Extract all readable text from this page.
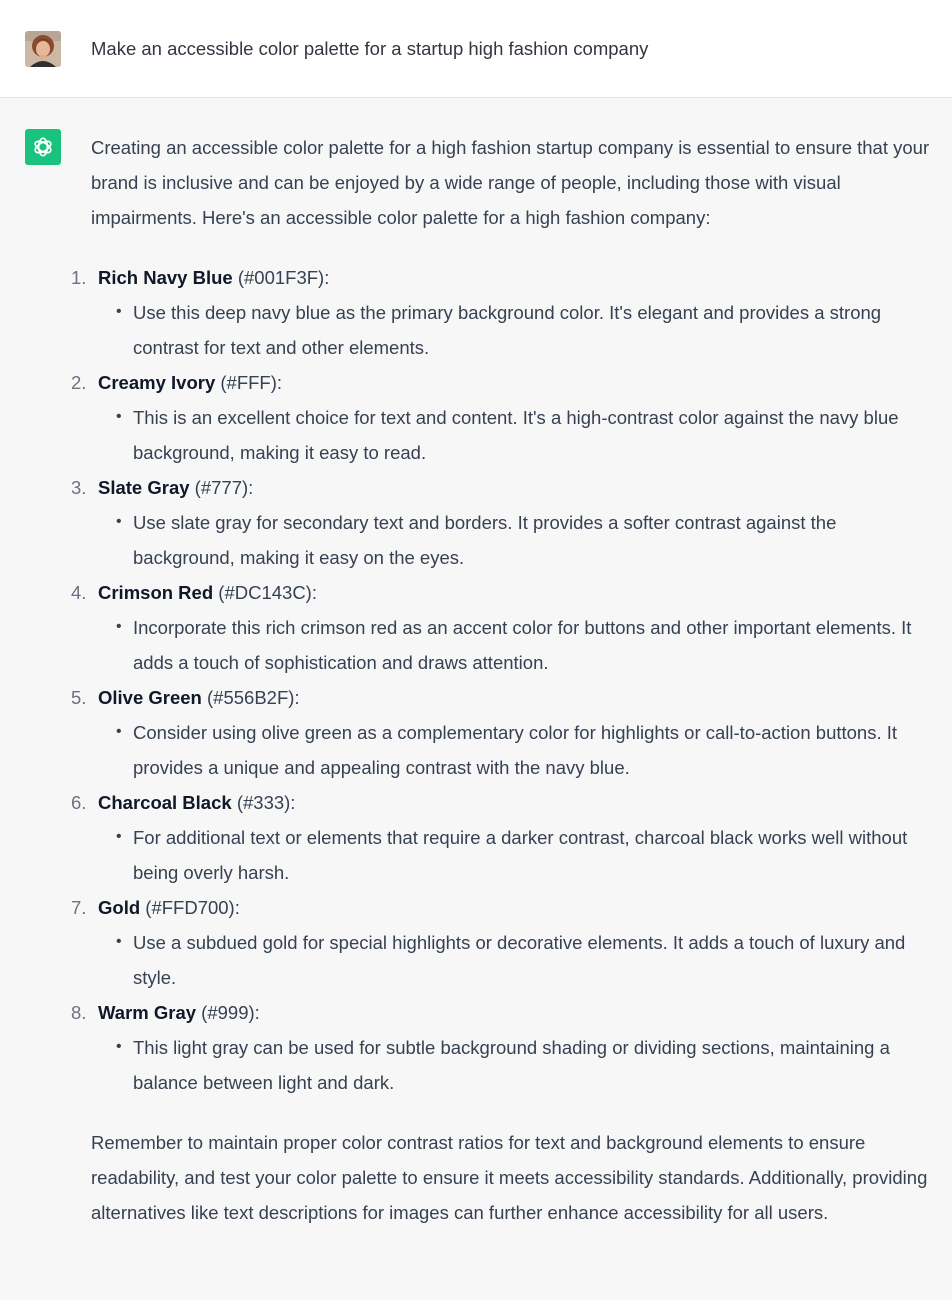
Make an accessible color palette for a startup high fashion company

Creating an accessible color palette for a high fashion startup company is essential to ensure that your brand is inclusive and can be enjoyed by a wide range of people, including those with visual impairments. Here's an accessible color palette for a high fashion company:

1. Rich Navy Blue (#001F3F):
• Use this deep navy blue as the primary background color. It's elegant and provides a strong contrast for text and other elements.
2. Creamy Ivory (#FFF):
• This is an excellent choice for text and content. It's a high-contrast color against the navy blue background, making it easy to read.
3. Slate Gray (#777):
• Use slate gray for secondary text and borders. It provides a softer contrast against the background, making it easy on the eyes.
4. Crimson Red (#DC143C):
• Incorporate this rich crimson red as an accent color for buttons and other important elements. It adds a touch of sophistication and draws attention.
5. Olive Green (#556B2F):
• Consider using olive green as a complementary color for highlights or call-to-action buttons. It provides a unique and appealing contrast with the navy blue.
6. Charcoal Black (#333):
• For additional text or elements that require a darker contrast, charcoal black works well without being overly harsh.
7. Gold (#FFD700):
• Use a subdued gold for special highlights or decorative elements. It adds a touch of luxury and style.
8. Warm Gray (#999):
• This light gray can be used for subtle background shading or dividing sections, maintaining a balance between light and dark.

Remember to maintain proper color contrast ratios for text and background elements to ensure readability, and test your color palette to ensure it meets accessibility standards. Additionally, providing alternatives like text descriptions for images can further enhance accessibility for all users.
